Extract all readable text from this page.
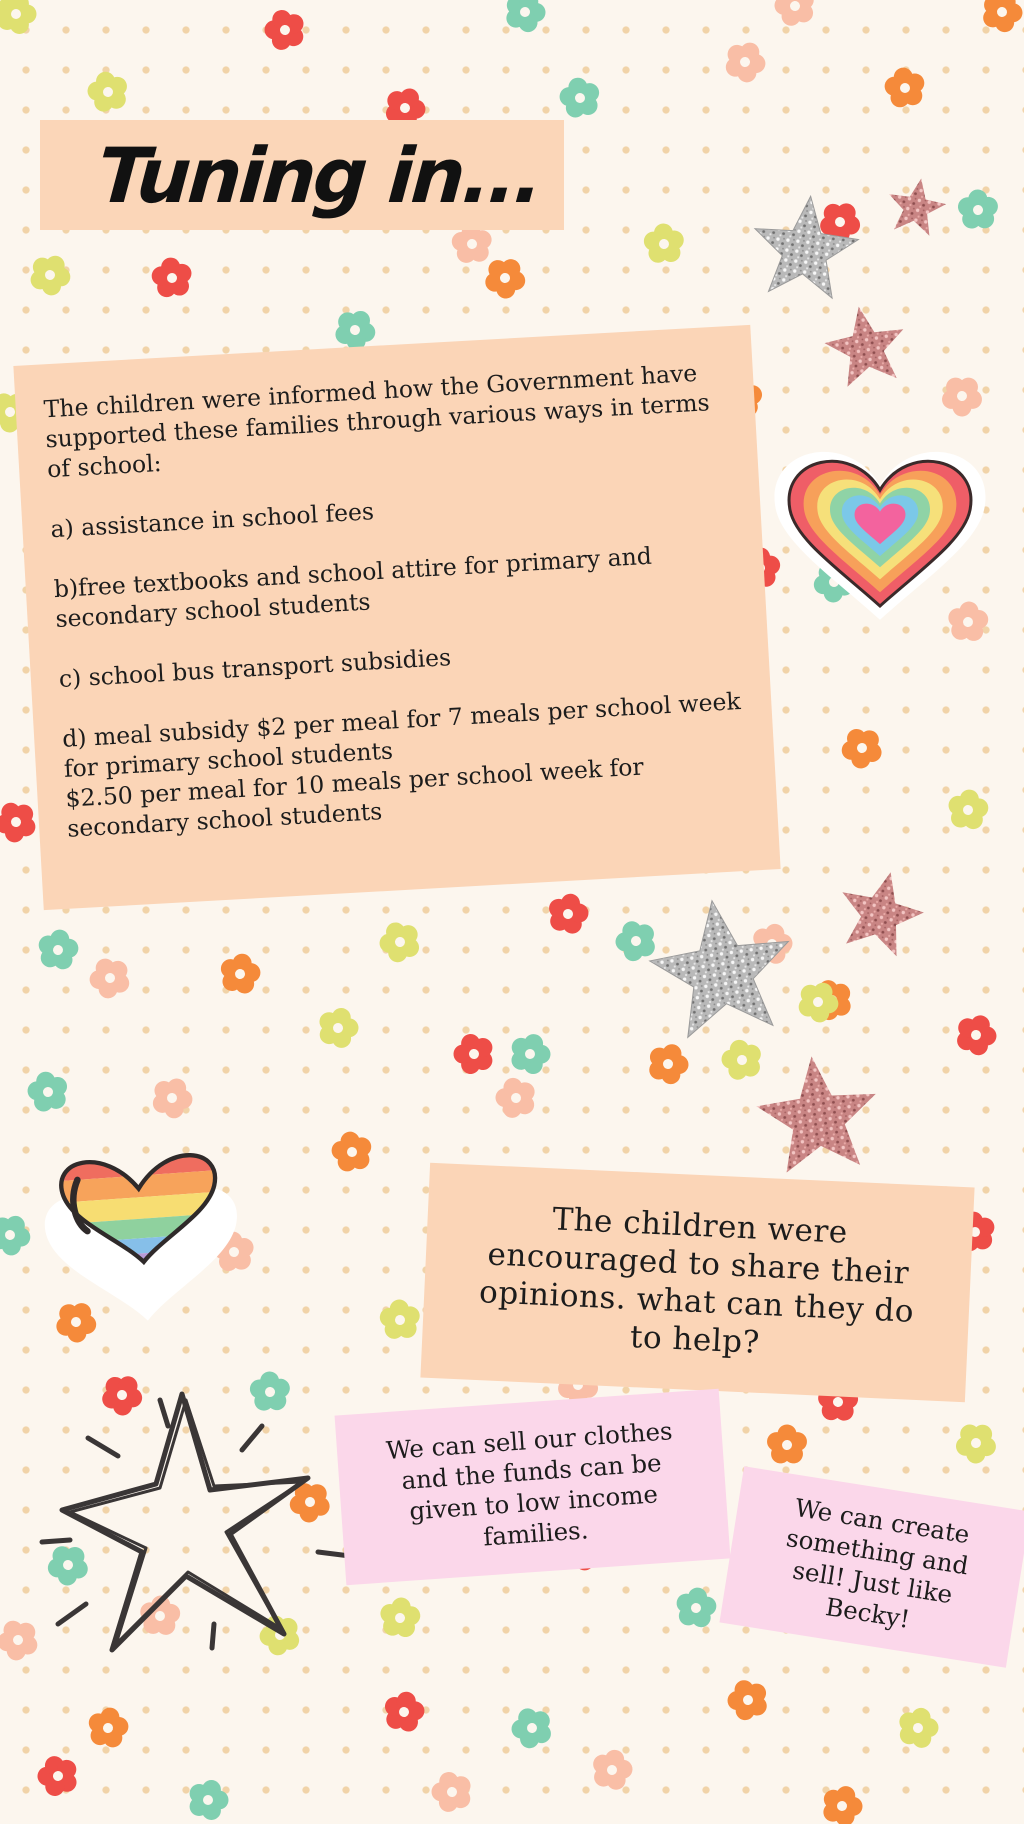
Tuning in...

The children were informed how the Government have supported these families through various ways in terms of school:

a) assistance in school fees

b)free textbooks and school attire for primary and secondary school students

c) school bus transport subsidies

d) meal subsidy $2 per meal for 7 meals per school week for primary school students
$2.50 per meal for 10 meals per school week for secondary school students

The children were encouraged to share their opinions. what can they do to help?
We can sell our clothes and the funds can be given to low income families.	We can create something and sell! Just like Becky!
